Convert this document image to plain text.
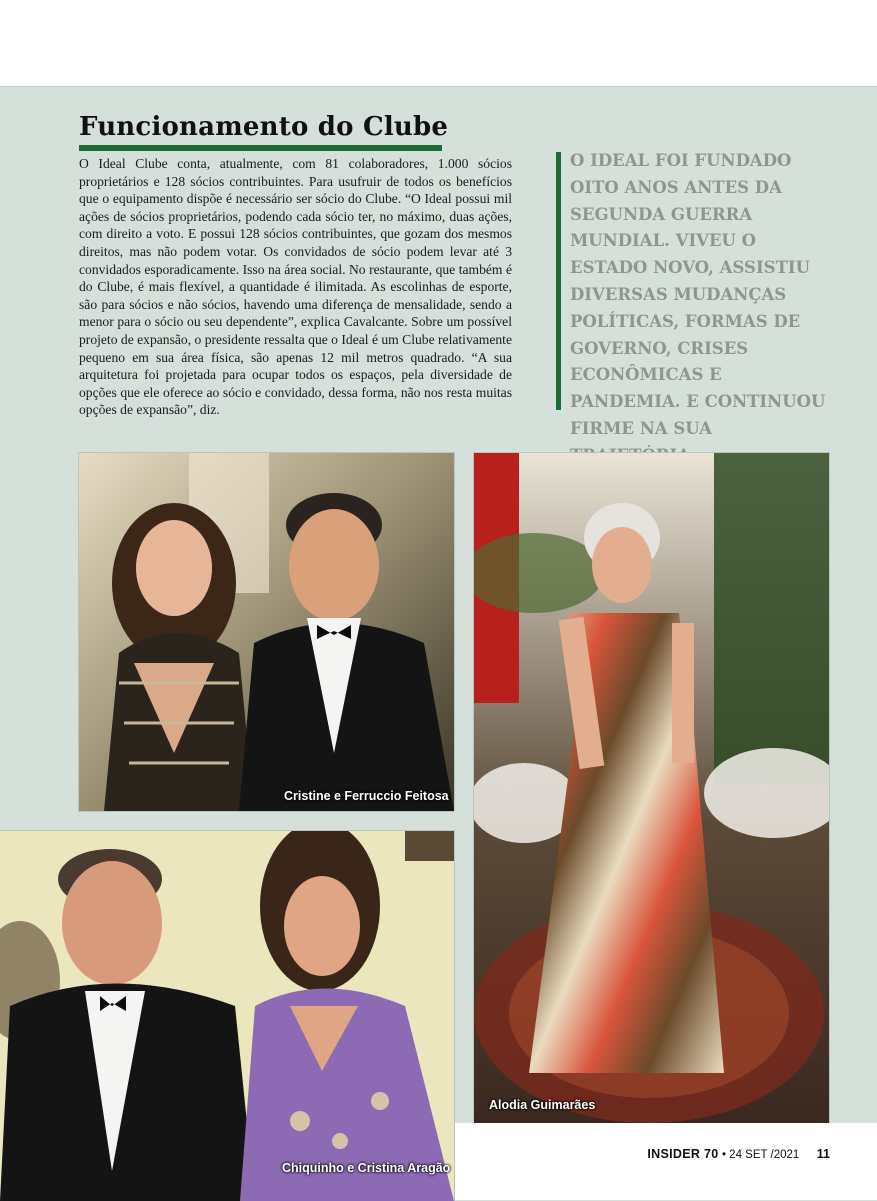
Funcionamento do Clube

O Ideal Clube conta, atualmente, com 81 colaboradores, 1.000 sócios proprietários e 128 sócios contribuintes. Para usufruir de todos os benefícios que o equipamento dispõe é necessário ser sócio do Clube. “O Ideal possui mil ações de sócios proprietários, podendo cada sócio ter, no máximo, duas ações, com direito a voto. E possui 128 sócios contribuintes, que gozam dos mesmos direitos, mas não podem votar. Os convidados de sócio podem levar até 3 convidados esporadicamente. Isso na área social. No restaurante, que também é do Clube, é mais flexível, a quantidade é ilimitada. As escolinhas de esporte, são para sócios e não sócios, havendo uma diferença de mensalidade, sendo a menor para o sócio ou seu dependente”, explica Cavalcante. Sobre um possível projeto de expansão, o presidente ressalta que o Ideal é um Clube relativamente pequeno em sua área física, são apenas 12 mil metros quadrado. “A sua arquitetura foi projetada para ocupar todos os espaços, pela diversidade de opções que ele oferece ao sócio e convidado, dessa forma, não nos resta muitas opções de expansão”, diz.

O IDEAL FOI FUNDADO OITO ANOS ANTES DA SEGUNDA GUERRA MUNDIAL. VIVEU O ESTADO NOVO, ASSISTIU DIVERSAS MUDANÇAS POLÍTICAS, FORMAS DE GOVERNO, CRISES ECONÔMICAS E PANDEMIA. E CONTINUOU FIRME NA SUA

Cristine e Ferruccio Feitosa
Alodia Guimarães
Chiquinho e Cristina Aragão
INSIDER 70 • 24 SET /2021 11
